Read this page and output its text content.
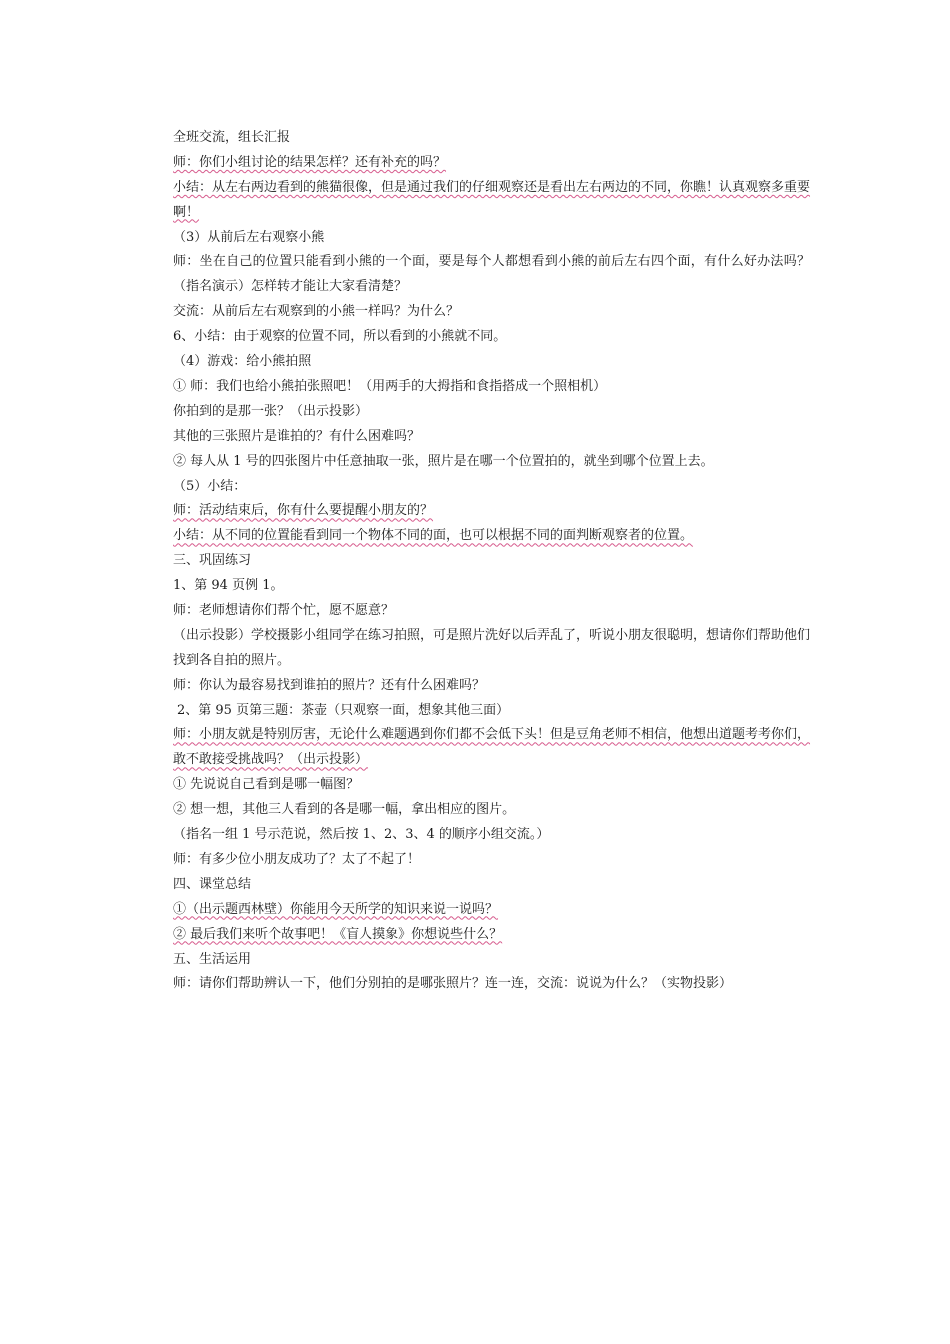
全班交流，组长汇报
师：你们小组讨论的结果怎样？还有补充的吗？
小结：从左右两边看到的熊猫很像，但是通过我们的仔细观察还是看出左右两边的不同，你瞧！认真观察多重要啊！
（3）从前后左右观察小熊
师：坐在自己的位置只能看到小熊的一个面，要是每个人都想看到小熊的前后左右四个面，有什么好办法吗？（指名演示）怎样转才能让大家看清楚？
交流：从前后左右观察到的小熊一样吗？为什么？
6、小结：由于观察的位置不同，所以看到的小熊就不同。
（4）游戏：给小熊拍照
① 师：我们也给小熊拍张照吧！（用两手的大拇指和食指搭成一个照相机）
你拍到的是那一张？（出示投影）
其他的三张照片是谁拍的？有什么困难吗？
② 每人从 1 号的四张图片中任意抽取一张，照片是在哪一个位置拍的，就坐到哪个位置上去。
（5）小结：
师：活动结束后，你有什么要提醒小朋友的？
小结：从不同的位置能看到同一个物体不同的面，也可以根据不同的面判断观察者的位置。
三、巩固练习
1、第 94 页例 1。
师：老师想请你们帮个忙，愿不愿意？
（出示投影）学校摄影小组同学在练习拍照，可是照片洗好以后弄乱了，听说小朋友很聪明，想请你们帮助他们找到各自拍的照片。
师：你认为最容易找到谁拍的照片？还有什么困难吗？
2、第 95 页第三题：茶壶（只观察一面，想象其他三面）
师：小朋友就是特别厉害，无论什么难题遇到你们都不会低下头！但是豆角老师不相信，他想出道题考考你们，敢不敢接受挑战吗？（出示投影）
① 先说说自己看到是哪一幅图？
② 想一想，其他三人看到的各是哪一幅，拿出相应的图片。
（指名一组 1 号示范说，然后按 1、2、3、4 的顺序小组交流。）
师：有多少位小朋友成功了？太了不起了！
四、课堂总结
①（出示题西林壁）你能用今天所学的知识来说一说吗？
② 最后我们来听个故事吧！《盲人摸象》你想说些什么？
五、生活运用
师：请你们帮助辨认一下，他们分别拍的是哪张照片？连一连，交流：说说为什么？（实物投影）
